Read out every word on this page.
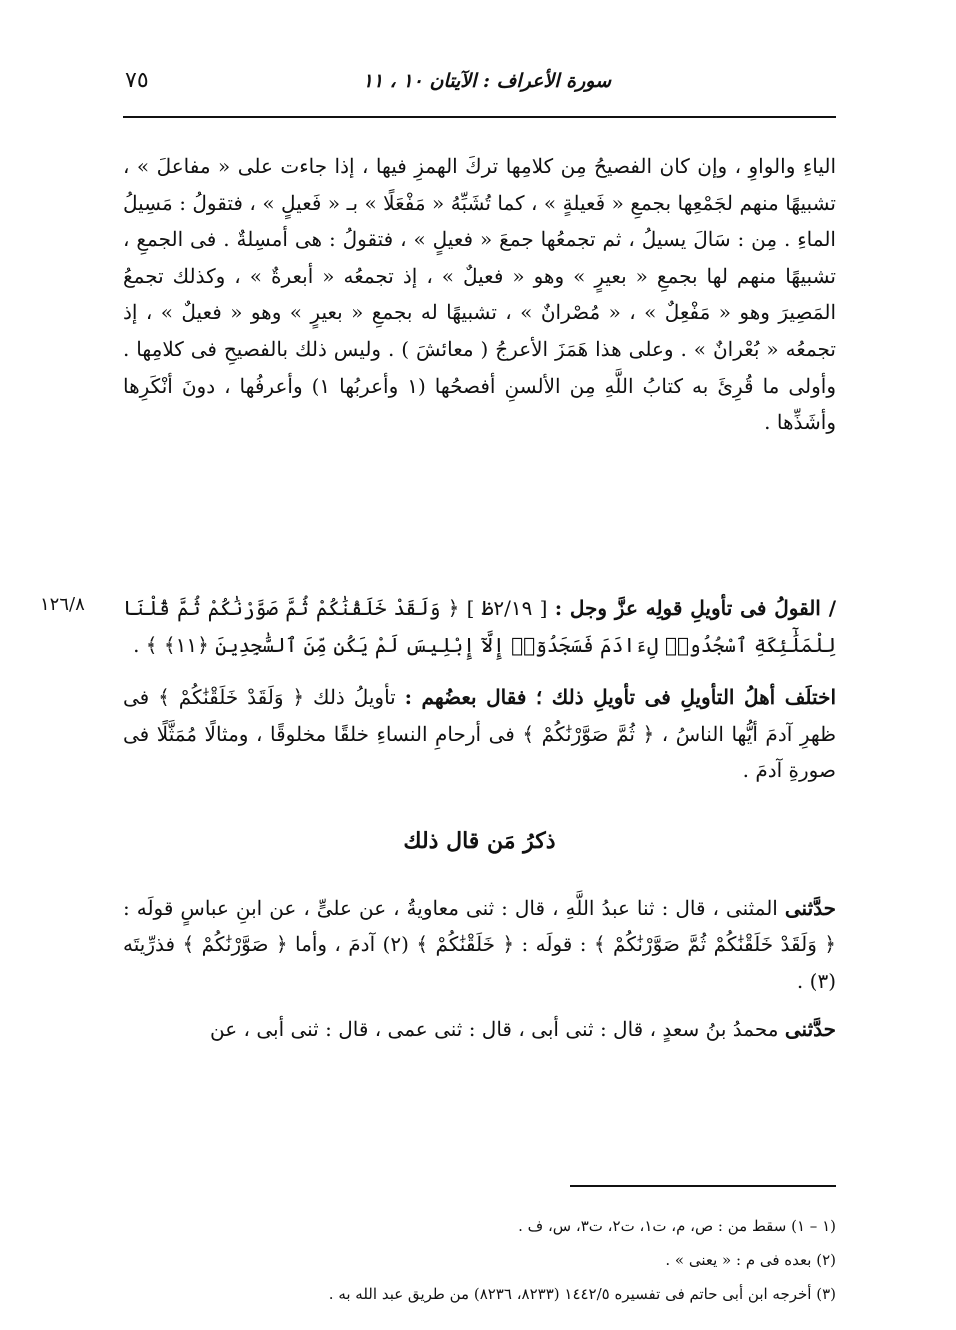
سورة الأعراف : الآيتان ١٠ ، ١١
٧٥
١٢٦/٨

الياءِ والواوِ ، وإن كان الفصيحُ مِن كلامِها تركَ الهمزِ فيها ، إذا جاءت على « مفاعلَ » ، تشبيهًا منهم لجَمْعِها بجمعِ « فَعيلةٍ » ، كما تُشَبِّهُ « مَفْعَلًا » بـ « فَعيلٍ » ، فتقولُ : مَسِيلُ الماءِ . مِن : سَالَ يسيلُ ، ثم تجمعُها جمعَ « فعيلٍ » ، فتقولُ : هى أمسِلةٌ . فى الجمعِ ، تشبيهًا منهم لها بجمعِ « بعيرٍ » وهو « فعيلٌ » ، إذ تجمعُه « أبعرةٌ » ، وكذلك تجمعُ المَصِيرَ وهو « مَفْعِلٌ » ، « مُصْرانٌ » ، تشبيهًا له بجمعِ « بعيرٍ » وهو « فعيلٌ » ، إذ تجمعُه « بُعْرانٌ » . وعلى هذا هَمَزَ الأعرجُ ( معائشَ ) . وليس ذلك بالفصيحِ فى كلامِها . وأولى ما قُرِئَ به كتابُ اللَّهِ مِن الألسنِ أفصحُها (١ وأعربُها ١) وأعرفُها ، دونَ أنْكَرِها وأشَذِّها .

/ القولُ فى تأويلِ قولِه عزَّ وجل : [ ٢/١٩ظ ] ﴿ وَلَقَدْ خَلَقْنَٰكُمْ ثُمَّ صَوَّرْنَٰكُمْ ثُمَّ قُلْنَا لِلْمَلَٰٓئِكَةِ ٱسْجُدُوا۟ لِءَادَمَ فَسَجَدُوٓا۟ إِلَّآ إِبْلِيسَ لَمْ يَكُن مِّنَ ٱلسَّٰجِدِينَ ﴿١١﴾ ﴾ .

اختلَف أهلُ التأويلِ فى تأويلِ ذلك ؛ فقال بعضُهم : تأويلُ ذلك ﴿ وَلَقَدْ خَلَقْنَٰكُمْ ﴾ فى ظهرِ آدمَ أيُّها الناسُ ، ﴿ ثُمَّ صَوَّرْنَٰكُمْ ﴾ فى أرحامِ النساءِ خلقًا مخلوقًا ، ومثالًا مُمَثَّلًا فى صورةِ آدمَ .

ذكرُ مَن قال ذلك

حدَّثنى المثنى ، قال : ثنا عبدُ اللَّهِ ، قال : ثنى معاويةُ ، عن علىٍّ ، عن ابنِ عباسٍ قولَه : ﴿ وَلَقَدْ خَلَقْنَٰكُمْ ثُمَّ صَوَّرْنَٰكُمْ ﴾ : قولَه : ﴿ خَلَقْنَٰكُمْ ﴾ (٢) آدمَ ، وأما ﴿ صَوَّرْنَٰكُمْ ﴾ فذرِّيتَه (٣) .

حدَّثنى محمدُ بنُ سعدٍ ، قال : ثنى أبى ، قال : ثنى عمى ، قال : ثنى أبى ، عن

(١ – ١) سقط من : ص، م، ت١، ت٢، ت٣، س، ف .
(٢) بعده فى م : « يعنى » .
(٣) أخرجه ابن أبى حاتم فى تفسيره ١٤٤٢/٥ (٨٢٣٣، ٨٢٣٦) من طريق عبد الله به .
